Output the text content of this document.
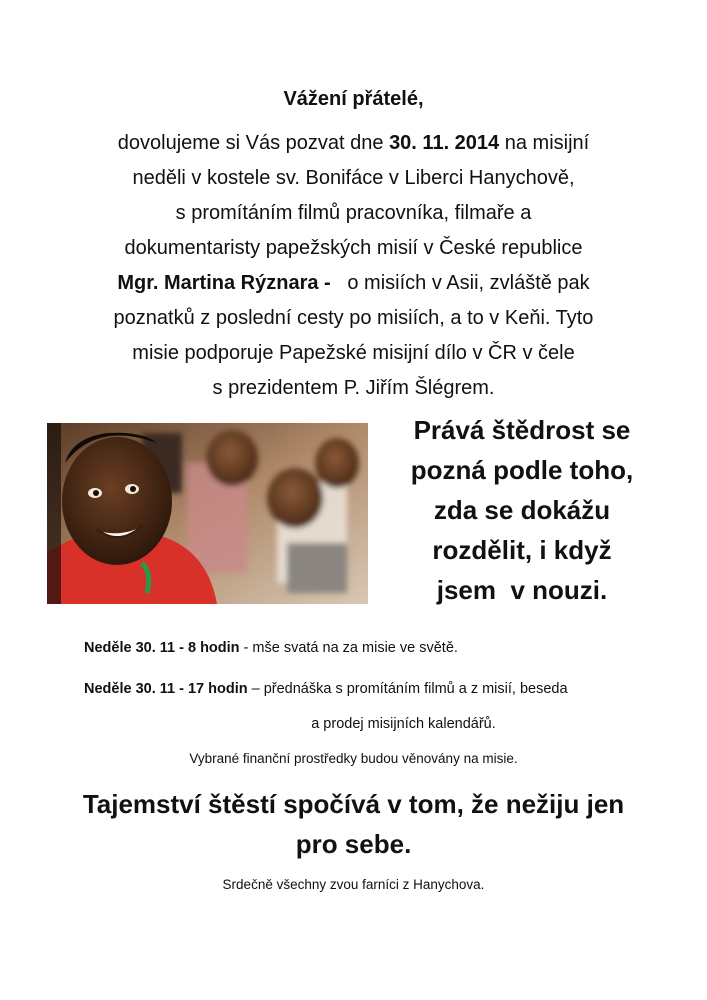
Vážení přátelé,
dovolujeme si Vás pozvat dne 30. 11. 2014 na misijní
neděli v kostele sv. Bonifáce v Liberci Hanychově,
s promítáním filmů pracovníka, filmaře a
dokumentaristy papežských misií v České republice
Mgr. Martina Rýznara -   o misiích v Asii, zvláště pak
poznatků z poslední cesty po misiích, a to v Keňi. Tyto
misie podporuje Papežské misijní dílo v ČR v čele
s prezidentem P. Jiřím Šlégrem.
Prává štědrost se
pozná podle toho,
zda se dokážu
rozdělit, i když
jsem  v nouzi.
Neděle 30. 11 - 8 hodin - mše svatá na za misie ve světě.
Neděle 30. 11 - 17 hodin – přednáška s promítáním filmů a z misií, beseda
a prodej misijních kalendářů.
Vybrané finanční prostředky budou věnovány na misie.
Tajemství štěstí spočívá v tom, že nežiju jen
pro sebe.
Srdečně všechny zvou farníci z Hanychova.
